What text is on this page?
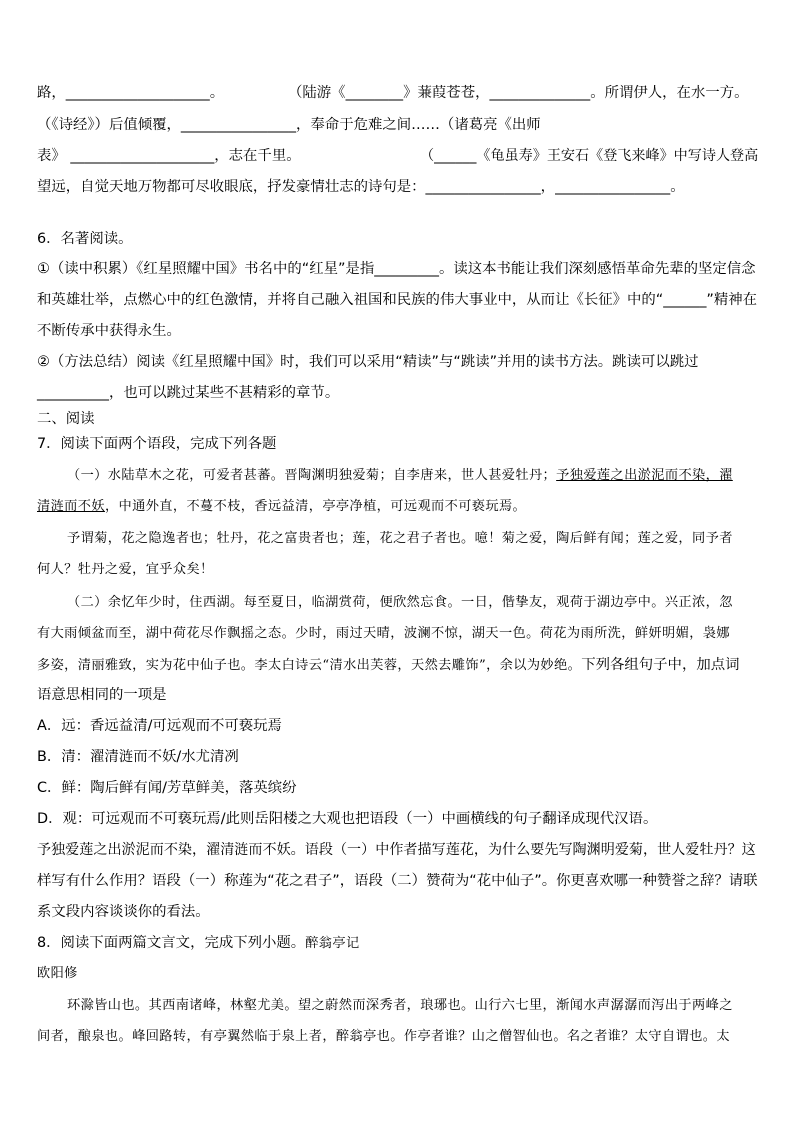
路，____________________。	（陆游《________》蒹葭苍苍，______________。所谓伊人，在水一方。
（《诗经》）后值倾覆，________________，奉命于危难之间……（诸葛亮《出师
表》 ____________________，志在千里。	（______《龟虽寿》王安石《登飞来峰》中写诗人登高
望远，自觉天地万物都可尽收眼底，抒发豪情壮志的诗句是：________________，________________。
6．名著阅读。
①（读中积累）《红星照耀中国》书名中的“红星”是指_________。读这本书能让我们深刻感悟革命先辈的坚定信念
和英雄壮举，点燃心中的红色激情，并将自己融入祖国和民族的伟大事业中，从而让《长征》中的“______”精神在
不断传承中获得永生。
②（方法总结）阅读《红星照耀中国》时，我们可以采用“精读”与“跳读”并用的读书方法。跳读可以跳过
__________，也可以跳过某些不甚精彩的章节。
二、阅读
7．阅读下面两个语段，完成下列各题
（一）水陆草木之花，可爱者甚蕃。晋陶渊明独爱菊；自李唐来，世人甚爱牡丹；予独爱莲之出淤泥而不染，濯
清涟而不妖，中通外直，不蔓不枝，香远益清，亭亭净植，可远观而不可亵玩焉。
予谓菊，花之隐逸者也；牡丹，花之富贵者也；莲，花之君子者也。噫！菊之爱，陶后鲜有闻；莲之爱，同予者
何人？牡丹之爱，宜乎众矣！
（二）余忆年少时，住西湖。每至夏日，临湖赏荷，便欣然忘食。一日，偕挚友，观荷于湖边亭中。兴正浓，忽
有大雨倾盆而至，湖中荷花尽作飘摇之态。少时，雨过天晴，波澜不惊，湖天一色。荷花为雨所洗，鲜妍明媚，袅娜
多姿，清丽雅致，实为花中仙子也。李太白诗云“清水出芙蓉，天然去雕饰”，余以为妙绝。下列各组句子中，加点词
语意思相同的一项是
A．远：香远益清/可远观而不可亵玩焉
B．清：濯清涟而不妖/水尤清冽
C．鲜：陶后鲜有闻/芳草鲜美，落英缤纷
D．观：可远观而不可亵玩焉/此则岳阳楼之大观也把语段（一）中画横线的句子翻译成现代汉语。
予独爱莲之出淤泥而不染，濯清涟而不妖。语段（一）中作者描写莲花，为什么要先写陶渊明爱菊，世人爱牡丹？这
样写有什么作用？语段（一）称莲为“花之君子”，语段（二）赞荷为“花中仙子”。你更喜欢哪一种赞誉之辞？请联
系文段内容谈谈你的看法。
8．阅读下面两篇文言文，完成下列小题。醉翁亭记
欧阳修
环滁皆山也。其西南诸峰，林壑尤美。望之蔚然而深秀者，琅琊也。山行六七里，渐闻水声潺潺而泻出于两峰之
间者，酿泉也。峰回路转，有亭翼然临于泉上者，醉翁亭也。作亭者谁？山之僧智仙也。名之者谁？太守自谓也。太
